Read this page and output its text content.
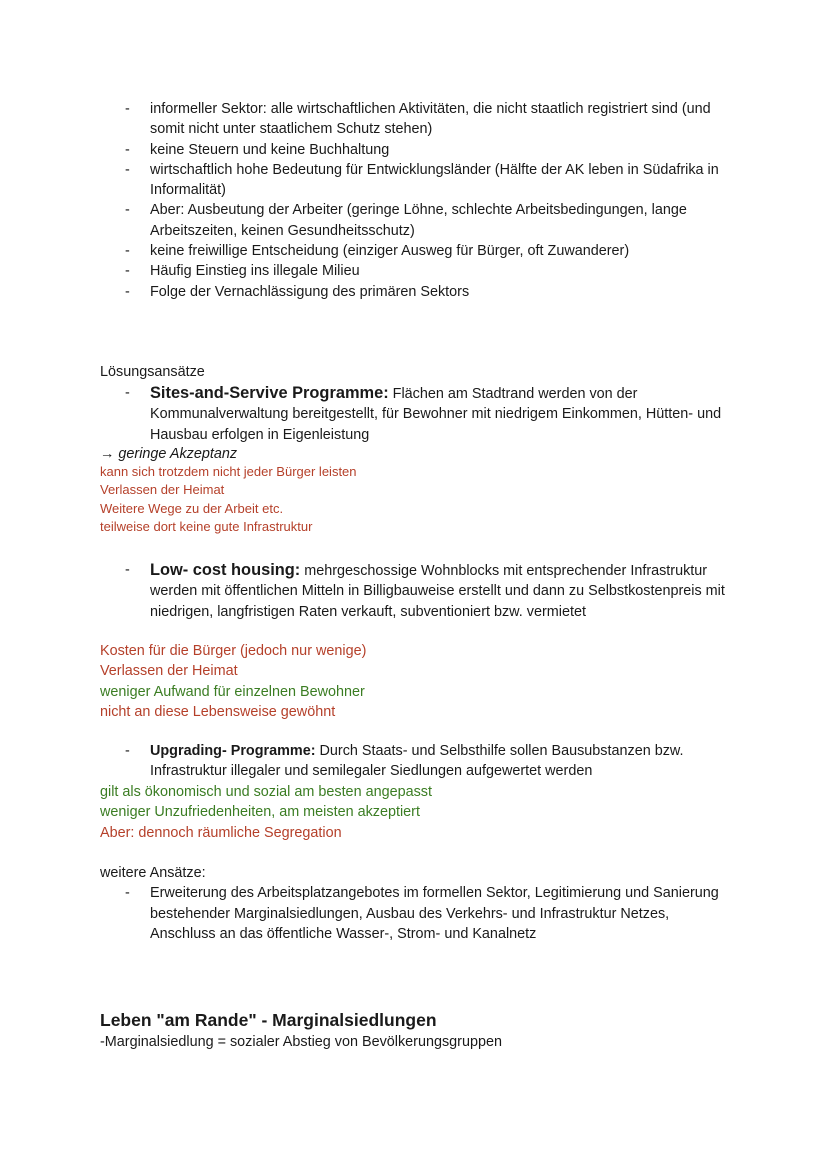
- informeller Sektor: alle wirtschaftlichen Aktivitäten, die nicht staatlich registriert sind (und somit nicht unter staatlichem Schutz stehen)
- keine Steuern und keine Buchhaltung
- wirtschaftlich hohe Bedeutung für Entwicklungsländer (Hälfte der AK leben in Südafrika in Informalität)
- Aber: Ausbeutung der Arbeiter (geringe Löhne, schlechte Arbeitsbedingungen, lange Arbeitszeiten, keinen Gesundheitsschutz)
- keine freiwillige Entscheidung (einziger Ausweg für Bürger, oft Zuwanderer)
- Häufig Einstieg ins illegale Milieu
- Folge der Vernachlässigung des primären Sektors

Lösungsansätze

- Sites-and-Servive Programme: Flächen am Stadtrand werden von der Kommunalverwaltung bereitgestellt, für Bewohner mit niedrigem Einkommen, Hütten- und Hausbau erfolgen in Eigenleistung

→ geringe Akzeptanz

kann sich trotzdem nicht jeder Bürger leisten

Verlassen der Heimat

Weitere Wege zu der Arbeit etc.

teilweise dort keine gute Infrastruktur

- Low- cost housing: mehrgeschossige Wohnblocks mit entsprechender Infrastruktur werden mit öffentlichen Mitteln in Billigbauweise erstellt und dann zu Selbstkostenpreis mit niedrigen, langfristigen Raten verkauft, subventioniert bzw. vermietet

Kosten für die Bürger (jedoch nur wenige)

Verlassen der Heimat

weniger Aufwand für einzelnen Bewohner

nicht an diese Lebensweise gewöhnt

- Upgrading- Programme: Durch Staats- und Selbsthilfe sollen Bausubstanzen bzw. Infrastruktur illegaler und semilegaler Siedlungen aufgewertet werden

gilt als ökonomisch und sozial am besten angepasst

weniger Unzufriedenheiten, am meisten akzeptiert

Aber: dennoch räumliche Segregation

weitere Ansätze:

- Erweiterung des Arbeitsplatzangebotes im formellen Sektor, Legitimierung und Sanierung bestehender Marginalsiedlungen, Ausbau des Verkehrs- und Infrastruktur Netzes, Anschluss an das öffentliche Wasser-, Strom- und Kanalnetz
Leben "am Rande" - Marginalsiedlungen

-Marginalsiedlung = sozialer Abstieg von Bevölkerungsgruppen
